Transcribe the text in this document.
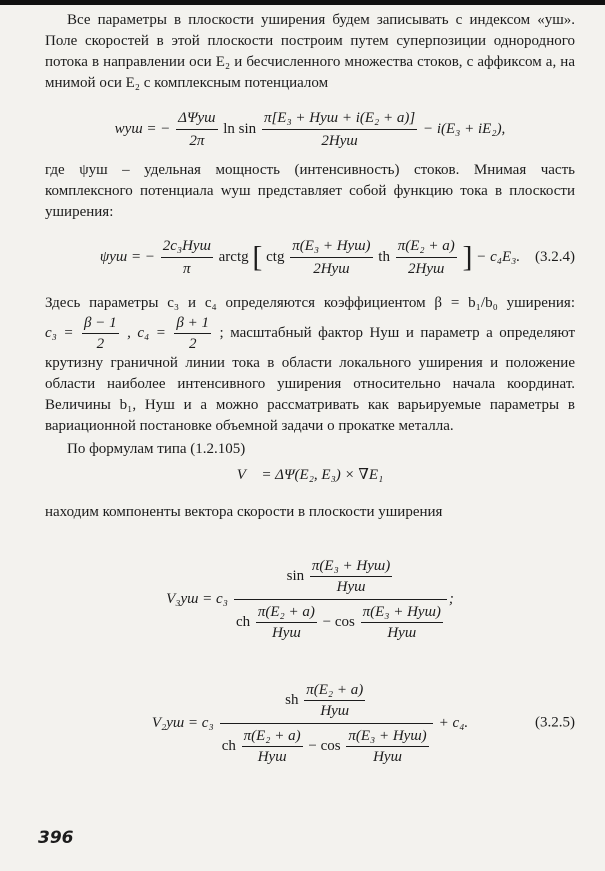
Все параметры в плоскости уширения будем записывать с индексом «уш». Поле скоростей в этой плоскости построим путем суперпозиции однородного потока в направлении оси E₂ и бесчисленного множества стоков, с аффиксом a, на мнимой оси E₂ с комплексным потенциалом

wуш = − $\frac{\text{ΔΨуш}}{2\pi}$ $\ln \sin \frac{\text{π[E₃ + Hуш + i(E₂ + a)]}}{\text{2Hуш}} - i(E_3 + iE_2)$,

где ψуш – удельная мощность (интенсивность) стоков. Мнимая часть комплексного потенциала wуш представляет собой функцию тока в плоскости уширения:

ψуш = − $\frac{\text{2c₃Hуш}}{\pi}$ arctg [ ctg $\frac{\text{π(E₃ + Hуш)}}{\text{2Hуш}}$ th $\frac{\text{π(E₂ + a)}}{\text{2Hуш}}$ ] − c₄E₃. (3.2.4)

Здесь параметры c₃ и c₄ определяются коэффициентом β = b₁/b₀ уширения: $c_3 = \frac{\beta - 1}{2}$ , $c_4 = \frac{\beta + 1}{2}$ ; масштабный фактор Hуш и параметр a определяют крутизну граничной линии тока в области локального уширения и положение области наиболее интенсивного уширения относительно начала координат. Величины b₁, Hуш и a можно рассматривать как варьируемые параметры в вариационной постановке объемной задачи о прокатке металла.

По формулам типа (1.2.105)

V⃗ = ΔΨ(E₂, E₃) × ∇E₁

находим компоненты вектора скорости в плоскости уширения

V₃уш = c₃
$\sin \frac{\text{π(E₃ + Hуш)}}{\text{Hуш}}$
ch $\frac{\text{π(E₂ + a)}}{\text{Hуш}} - \cos \frac{\text{π(E₃ + Hуш)}}{\text{Hуш}}$
;
V₂уш = c₃
sh $\frac{\text{π(E₂ + a)}}{\text{Hуш}}$
ch $\frac{\text{π(E₂ + a)}}{\text{Hуш}} - \cos \frac{\text{π(E₃ + Hуш)}}{\text{Hуш}}$
+ c₄.	(3.2.5)
396
